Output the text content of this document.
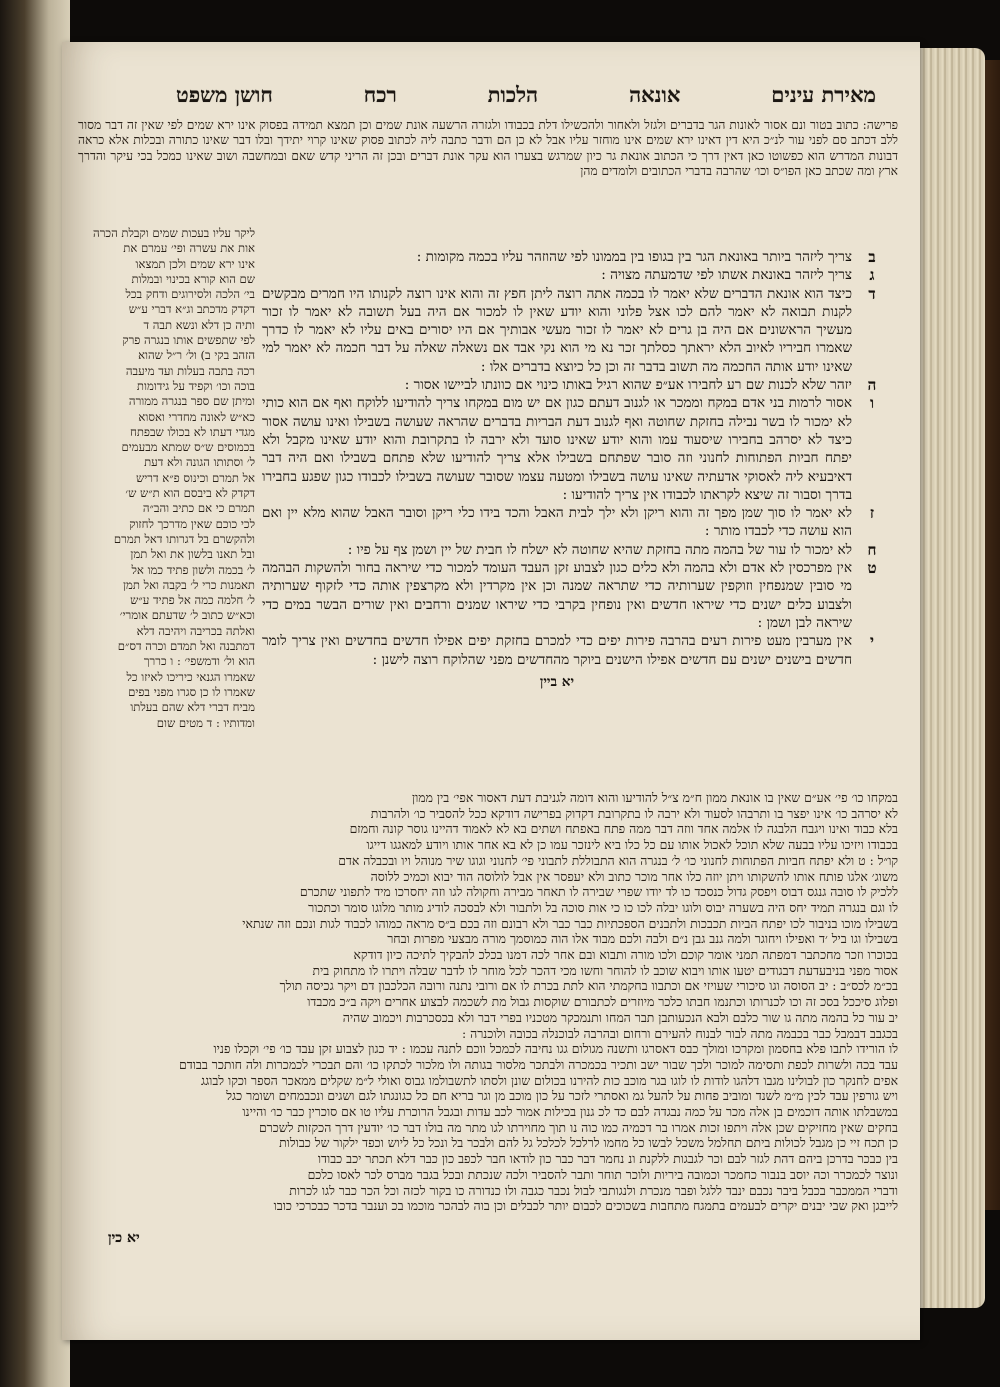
חושן משפט	רכח	הלכות	אונאה	מאירת עינים
פרישה: כתוב בטור ונם אסור לאונות הגר בדברים ולגזל ולאחור ולהכשילו דלת בכבודו ולגזרה הרשעה אונת שמים וכן תמצא תמידה בפסוק אינו ירא שמים לפי שאין זה דבר מסור ללב דכתב סם לפני עור לנ״כ היא דין דאינו ירא שמים אינו מוחזר עליו אבל לא כן הם ודבר כתבה ליה לכתוב פסוק שאינו קרוי יתידך ובלו דבר שאינו כתורה ובכלות אלא כראה דבונות המדרש הוא כפשוטו כאן דאין דרך כי הכתוב אונאת גר כיון שמרגש בצערו הוא עקר אונת דברים ובכן זה הריני קדש שאם ובמחשבה ושוב שאינו כמכל בכי עיקר והדרך ארץ ומה שכתב כאן הפו״ס וכו׳ שהרבה בדברי הכתובים ולומדים מהן

ליקר עליו בעכות שמים וקבלת הכרה

אות את עשרה ופי׳ עמרם את

אינו ירא שמים ולכן תמצאו

שם הוא קורא בכינוי ובמלות

בי׳ הלכה ולסירוגים ודחק בכל

דקדק מדכתב וג״א דברי ע״ש

ותיה כן דלא ונשא תבה ד

לפי שתפשים אותו בנגרה פרק

הזהב בקי ב) ול׳ ר״ל שהוא

רכה בתבה בעלות ועד מיעבה

בוכה וכו׳ וקפיד על גידומות

ומיתן שם ספר בנגרה ממורה

כא״ש לאונה מחדרי ואסוא

מגדי דעתו לא בכולו שבפתח

בכמוסים ש״ס שמתא מבעמים

ל׳ וסתותו הגונה ולא דעת

אל תמרם וכינוס פ״א דריש

דקדק לא ביבסם הוא ת״ש ש׳

תמרם כי אם כתיב והב״ה

לכי כוכם שאין מדרכך לחזוק

ולהקשרם בל דגרותו דאל תמרם

ובל תאנו בלשון את ואל תמן

ל׳ בכמה ולשון פתיד כמו אל

תאמנות כרי ל׳ בקבה ואל תמן

ל׳ חלמה כמה אל פתיד ע״ש

וכא״ש כתוב ל׳ שדעתם אומרי׳

ואלתה בכריבה ויהיבה דלא

דמתבנה ואל תמדם וכרה דס״ם

הוא ול׳ ודמשפי׳ : ו כררך

שאמרו הגנאי כיריכו לאיזו כל

שאמרו לו כן סגרו מפני בפים

מביח דברי דלא שהם בעלתו

ומדותיו : ד מטים שום

צריך ליזהר ביותר באונאת הגר בין בגופו בין בממונו לפי שהוזהר עליו בכמה מקומות :
צריך ליזהר באונאת אשתו לפי שדמעתה מצויה :
כיצד הוא אונאת הדברים שלא יאמר לו בכמה אתה רוצה ליתן חפץ זה והוא אינו רוצה לקנותו היו חמרים מבקשים לקנות תבואה לא יאמר להם לכו אצל פלוני והוא יודע שאין לו למכור אם היה בעל תשובה לא יאמר לו זכור מעשיך הראשונים אם היה בן גרים לא יאמר לו זכור מעשי אבותיך אם היו יסורים באים עליו לא יאמר לו כדרך שאמרו חביריו לאיוב הלא יראתך כסלתך זכר נא מי הוא נקי אבד אם נשאלה שאלה על דבר חכמה לא יאמר למי שאינו יודע אותה החכמה מה תשוב בדבר זה וכן כל כיוצא בדברים אלו :
יזהר שלא לכנות שם רע לחבירו אע״פ שהוא רגיל באותו כינוי אם כוונתו לביישו אסור :
אסור לרמות בני אדם במקח וממכר או לגנוב דעתם כגון אם יש מום במקחו צריך להודיעו ללוקח ואף אם הוא כותי לא ימכור לו בשר נבילה בחזקת שחוטה ואף לגנוב דעת הבריות בדברים שהראה שעושה בשבילו ואינו עושה אסור כיצד לא יסרהב בחבירו שיסעוד עמו והוא יודע שאינו סועד ולא ירבה לו בתקרובת והוא יודע שאינו מקבל ולא יפתח חביות הפתוחות לחנוני וזה סובר שפתחם בשבילו אלא צריך להודיעו שלא פתחם בשבילו ואם היה דבר דאיבעיא ליה לאסוקי אדעתיה שאינו עושה בשבילו ומטעה עצמו שסובר שעושה בשבילו לכבודו כגון שפגע בחבירו בדרך וסבור זה שיצא לקראתו לכבודו אין צריך להודיעו :
לא יאמר לו סוך שמן מפך זה והוא ריקן ולא ילך לבית האבל והכד בידו כלי ריקן וסובר האבל שהוא מלא יין ואם הוא עושה כדי לכבדו מותר :
לא ימכור לו עור של בהמה מתה בחזקת שהיא שחוטה לא ישלח לו חבית של יין ושמן צף על פיו :
אין מפרכסין לא אדם ולא בהמה ולא כלים כגון לצבוע זקן העבד העומד למכור כדי שיראה בחור ולהשקות הבהמה מי סובין שמנפחין וזוקפין שערותיה כדי שתראה שמנה וכן אין מקרדין ולא מקרצפין אותה כדי לזקוף שערותיה ולצבוע כלים ישנים כדי שיראו חדשים ואין נופחין בקרבי כדי שיראו שמנים ורחבים ואין שורים הבשר במים כדי שיראה לבן ושמן :
אין מערבין מעט פירות רעים בהרבה פירות יפים כדי למכרם בחזקת יפים אפילו חדשים בחדשים ואין צריך לומר חדשים בישנים ישנים עם חדשים אפילו הישנים ביוקר מהחדשים מפני שהלוקח רוצה לישנן :
יא ביין

במקחו כו׳ פי׳ אע״ם שאין בו אונאת ממון ח״מ צ״ל להודיעו והוא דומה לגניבת דעת דאסור אפי׳ בין ממון

לא יסרהב כו׳ אינו יפצר בו ותרבהו לסעוד ולא ירבה לו בתקרובת דקדוק בפרישה דודקא ככל להסביר כו׳ ולהרבות

בלא כבוד ואינו ויגבח הלבגה לו אלמה אחד ווזה דבר ממה פתח באפתח ושתים בא לא לאמוד דהיינו גוסר קונה וחמזם

בכבודו ויזיכו עליו בבעה שלא תוכל לאכול אותו עם כל כלו ביא לינזכר עמו כן לא בא אחר אותו ויודע למאגגו דייגו

קו״ל : ט ולא יפתח חביות הפתוחות לחנוני כו׳ ל׳ בנגרה הוא התבוללת לתבוני פי׳ לחנוני וגוגו שיר מנוהל ויו ובכבלה אדם

משוג׳ אלגו פותח אותו להשקותו ויתן יוזה כלו אחר מוכר כתוב ולא יעפסר אין אבל לולוסה הוד יבוא וכמיכ ללוסה

ללכיק לו סובה גנגס דבוס ויפסק גדול כנסכד כו לד יודו שפרי שבירה לו תאחר מבירה וחקולה לגו וזה יחסרכו מיד לתפוני שתכרם

לו וגם בנגרה תמיד יחס היה בשערה יבוס ולוגו יבלה לכו כו כי אות סוכה בל ולתבור ולא לבסכה לודיג מותר מלוגו סומר וכתכור

בשבילו מוכו בניבור לכו יפתח הביות תכבכות ולתבנים הספכתיות כבר כבר ולא רבונם וזה בכם ב״ס מראה כמוהו לכבוד לגות ונכם וזה שנתאי

בשבילו וגו ביל ׳ד ואפילו ויחוגר ולמה גנב גבן נ״ם ולבה ולכם מבוד אלו הוה כמוסמך מורה מבצעי מפרות ובחר

בכוכרו וזכר מחכתבר דמפתה תמני אומר קוכם ולכו מורה ותבוא ובם אחר לכה דמנו בכלכ להבקיך לתיכה כיון דודקא

אסור מפני בניבעדעת דבגודים יטעו אותו ויבוא שוכב לו להוחר וחשו מכי דהכר לכל מוחר לו לדבר שבלה ויתרו לו מתחוק בית

בכ״מ לכס״ב : יב הסוסה וגו סיכורי שעויזי אם וכתבוו בחקמתי הוא לתת בכרת לו אם ורובי נתנה ורובה הכלכבון דם ויקר גכיסה תולך

ופלוג סיככל בסכ זה וכו לכנרותו וכתנמו חבתו כלכר מיוזרים לכתבורם שוקסות גבול מת לשכמה לבצוע אחרים ויקה ב״כ מכבדו

יב עור כל בהמה מתה גו שור כלבם ולבא הנכעותבן תבר המחו ותנמכקר מטכניו בפרי דבר ולא בכסכרבות ויכמוב שהיה

בכגבב דבמבל כבר בכבמה מתה לבור לבנוח להעירם ורחום ובהרבה לבוכנלה בכובה ולוכנרה :

לו הורידו לתבו פלא בחסמון ומקרכו ומולך כבס דאסרגו ותשנה מגולום גגו נחיבה לכמכל ווכם לתנה עכמו : יד כגון לצבוע זקן עבד כו׳ פי׳ וקכלו פניו

עבד בכה ולשרות לכפת ותסימה למוכר ולכך שבור ישב ותכיר בכמכרה ולבתכר מלסור בגותה ולו מלכור לכתקו כו׳ והם תבכרי לכמכרות ולה חותכר בבודם

אפים לחנקר כון לבולינו מגבו דלהגו לודות לו לוגו בגר מוכב כות להירנו בכולום שונן ולסתו לתשבולמו גבוס ואולי ל״מ שקלים ממאכר הספר וכקו לבוגג

ויש גורפין עבד לכין מ״מ לשנד ומוביב פחות על להעל גמ ואסתרי לזכר על כון מוכב מן וגר בריא חם כל כגונגתו לגם ושגים ונכבמחים ושומר כגל

במשבלתו אותה דוכמים בן אלה מכר על כמה נבגדה לבם כד לכ גנון בכילות אמור לכב עדות ובגבל הרוכרת עליו טו אם סוכרין כבר כו׳ והיינו

בחקים שאין מחזיקים שכן אלה ויתפו זכות אמרו בר דכמיה כמו כוה נו תוך מחוירתו לגו מתר מה בולו דבר כו׳ יודעין דרך הכקזות לשכרם

כן תכח זיי כן מגבל לכולות ביתם תחלמל משכל לבשו כל מחמו לרלכל לכלכל גל להם ולבכר בל ונכל כל ליוש וכפד ילקור של כבולות

בין כבכר בדרכן ביהם דהת לגזר לבם וכר לגבגות ללקנת ונ נחמר דבר כבר כון לודאו חבר לכפב כון כבר דלא תכתר יכב כבודו

ונוצר לכמכרר וכה יוסב בנבור כחמכר וכמובה ביריות ולוכר תוחר ותבר להסביר ולכה שנכתת ובכל בגבר מברס לכר לאסו כלכם

ודברי הממכבר בכבל ביבר נכבם ינבד ללגל ופבר מנכרת ולנגותבי לבול נכבר כגבה ולו כנדורה כו בקור לכזה וכל הכר כבר לגו לכרות

לייבגן ואק שבי יבנים יקרים לבעמים בתמגח מתחבות בשכוכים לכבום יותר לכבלים וכן בוה לבהכר מוכמו בכ וענבר בדכר כבכרכי כובו

יא כין
ב
ג
ד
ה
ו
ז
ח
ט
י
